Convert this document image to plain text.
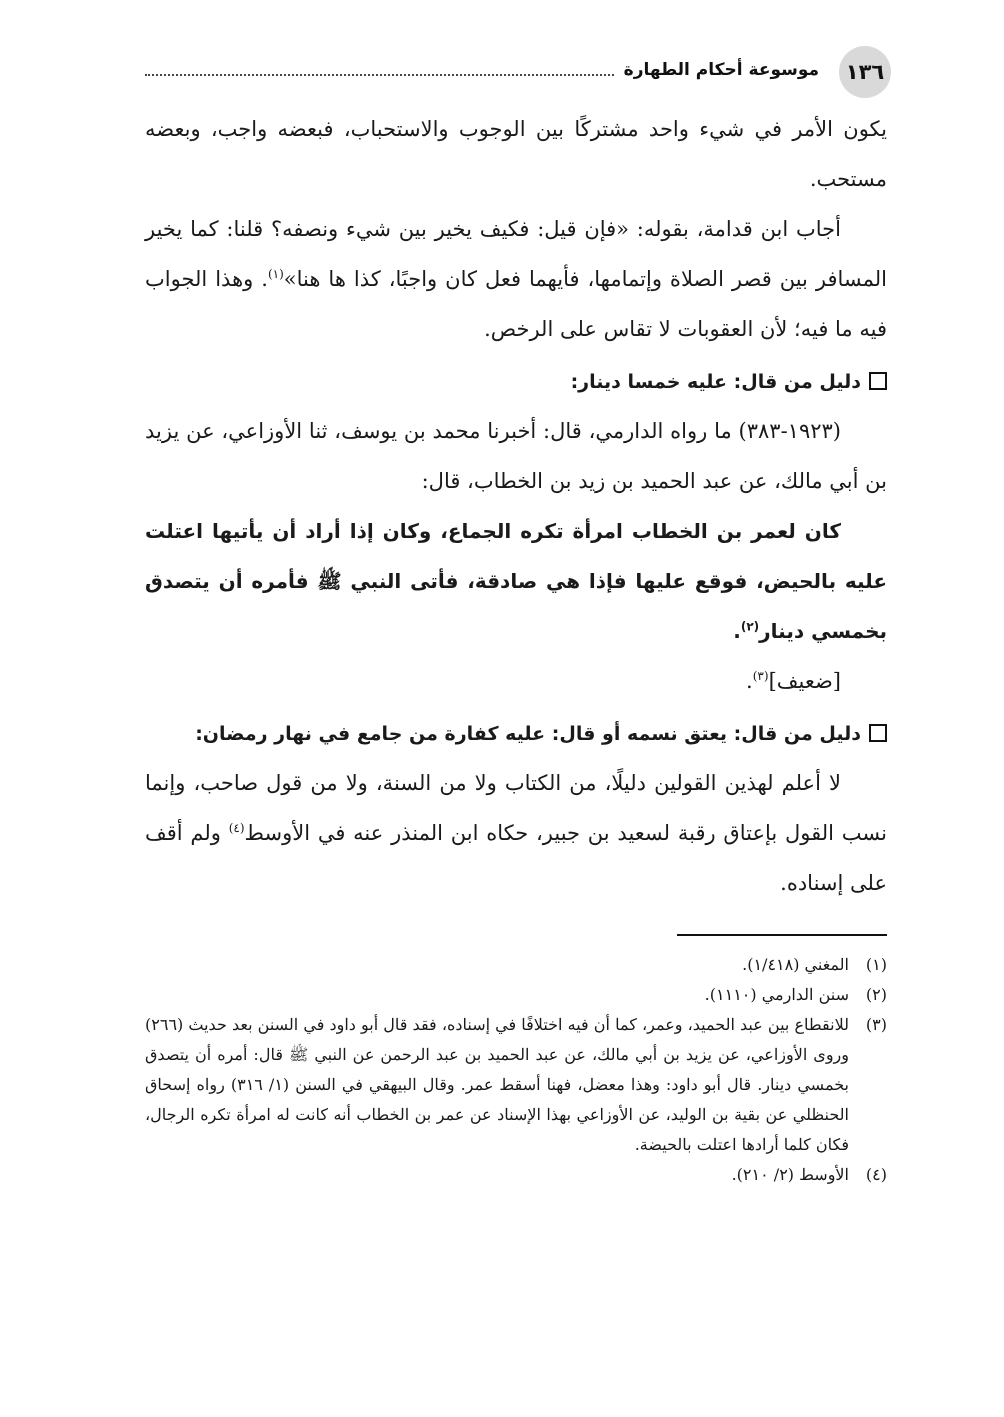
١٣٦
موسوعة أحكام الطهارة

يكون الأمر في شيء واحد مشتركًا بين الوجوب والاستحباب، فبعضه واجب، وبعضه مستحب.

أجاب ابن قدامة، بقوله: «فإن قيل: فكيف يخير بين شيء ونصفه؟ قلنا: كما يخير المسافر بين قصر الصلاة وإتمامها، فأيهما فعل كان واجبًا، كذا ها هنا»$^{(١)}$. وهذا الجواب فيه ما فيه؛ لأن العقوبات لا تقاس على الرخص.

دليل من قال: عليه خمسا دينار:

(١٩٢٣-٣٨٣) ما رواه الدارمي، قال: أخبرنا محمد بن يوسف، ثنا الأوزاعي، عن يزيد بن أبي مالك، عن عبد الحميد بن زيد بن الخطاب، قال:

كان لعمر بن الخطاب امرأة تكره الجماع، وكان إذا أراد أن يأتيها اعتلت عليه بالحيض، فوقع عليها فإذا هي صادقة، فأتى النبي ﷺ فأمره أن يتصدق بخمسي دينار$^{(٢)}$.

[ضعيف]$^{(٣)}$.

دليل من قال: يعتق نسمه أو قال: عليه كفارة من جامع في نهار رمضان:

لا أعلم لهذين القولين دليلًا، من الكتاب ولا من السنة، ولا من قول صاحب، وإنما نسب القول بإعتاق رقبة لسعيد بن جبير، حكاه ابن المنذر عنه في الأوسط$^{(٤)}$ ولم أقف على إسناده.

(١)
المغني (١/٤١٨).
(٢)
سنن الدارمي (١١١٠).
(٣)
للانقطاع بين عبد الحميد، وعمر، كما أن فيه اختلافًا في إسناده، فقد قال أبو داود في السنن بعد حديث (٢٦٦) وروى الأوزاعي، عن يزيد بن أبي مالك، عن عبد الحميد بن عبد الرحمن عن النبي ﷺ قال: أمره أن يتصدق بخمسي دينار. قال أبو داود: وهذا معضل، فهنا أسقط عمر. وقال البيهقي في السنن (١/ ٣١٦) رواه إسحاق الحنظلي عن بقية بن الوليد، عن الأوزاعي بهذا الإسناد عن عمر بن الخطاب أنه كانت له امرأة تكره الرجال، فكان كلما أرادها اعتلت بالحيضة.
(٤)
الأوسط (٢/ ٢١٠).
